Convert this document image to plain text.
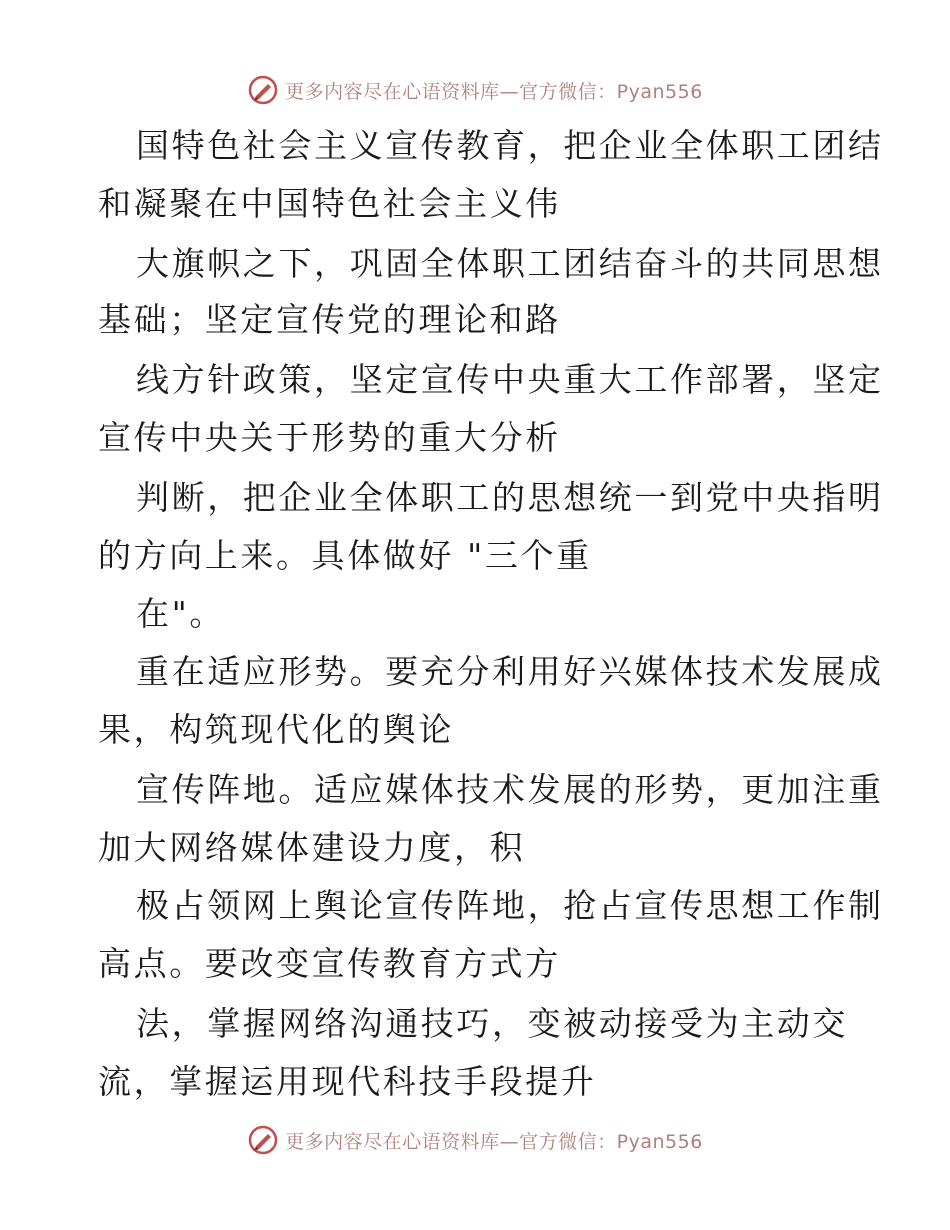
更多内容尽在心语资料库—官方微信：Pyan556
国特色社会主义宣传教育，把企业全体职工团结
和凝聚在中国特色社会主义伟
大旗帜之下，巩固全体职工团结奋斗的共同思想
基础；坚定宣传党的理论和路
线方针政策，坚定宣传中央重大工作部署，坚定
宣传中央关于形势的重大分析
判断，把企业全体职工的思想统一到党中央指明
的方向上来。具体做好 "三个重
在"。
重在适应形势。要充分利用好兴媒体技术发展成
果，构筑现代化的舆论
宣传阵地。适应媒体技术发展的形势，更加注重
加大网络媒体建设力度，积
极占领网上舆论宣传阵地，抢占宣传思想工作制
高点。要改变宣传教育方式方
法，掌握网络沟通技巧，变被动接受为主动交
流，掌握运用现代科技手段提升
更多内容尽在心语资料库—官方微信：Pyan556
